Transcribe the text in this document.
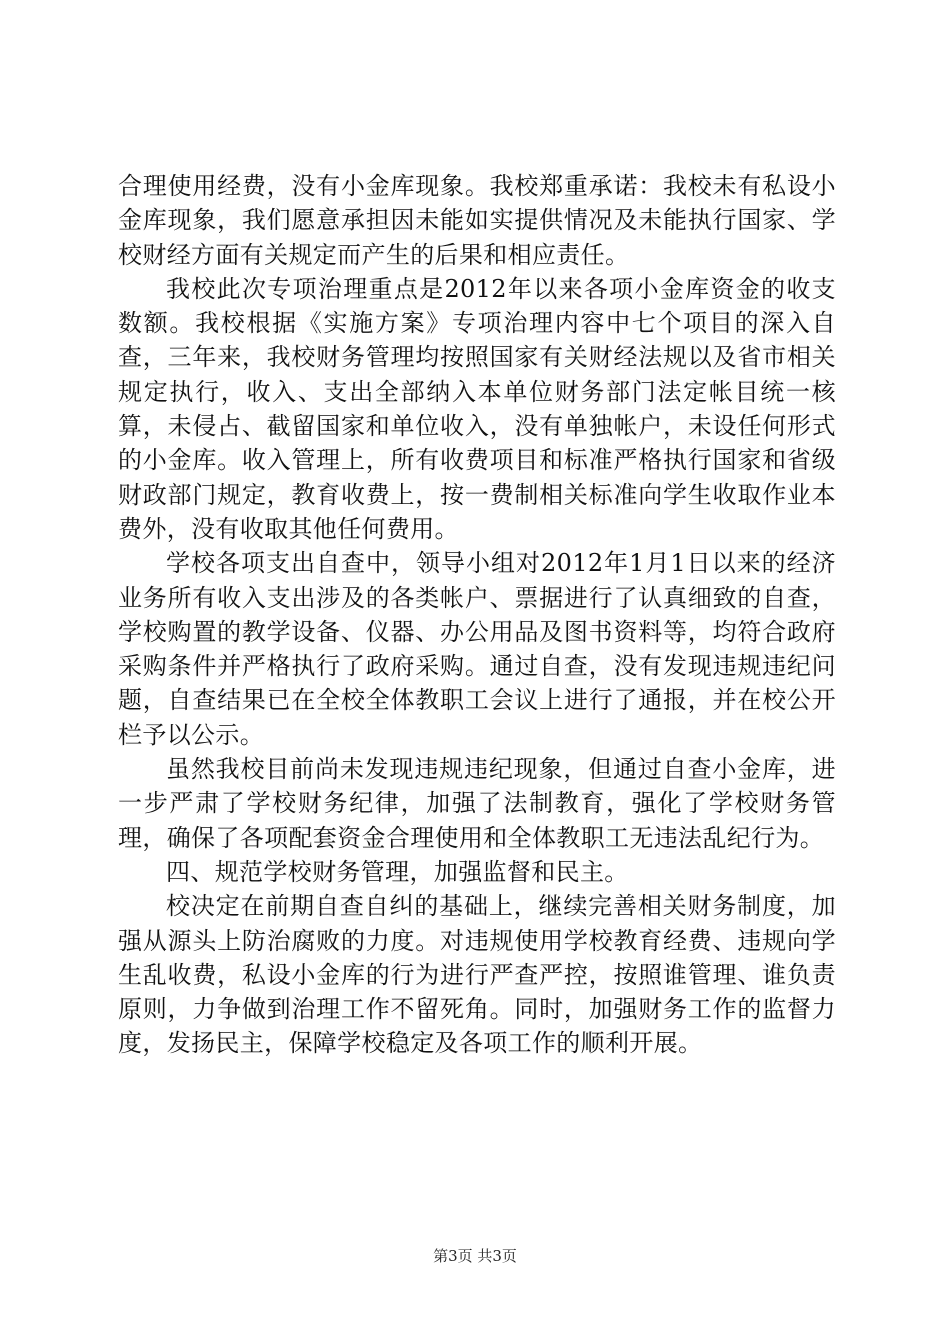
合理使用经费，没有小金库现象。我校郑重承诺：我校未有私设小金库现象，我们愿意承担因未能如实提供情况及未能执行国家、学校财经方面有关规定而产生的后果和相应责任。

我校此次专项治理重点是2012年以来各项小金库资金的收支数额。我校根据《实施方案》专项治理内容中七个项目的深入自查，三年来，我校财务管理均按照国家有关财经法规以及省市相关规定执行，收入、支出全部纳入本单位财务部门法定帐目统一核算，未侵占、截留国家和单位收入，没有单独帐户，未设任何形式的小金库。收入管理上，所有收费项目和标准严格执行国家和省级财政部门规定，教育收费上，按一费制相关标准向学生收取作业本费外，没有收取其他任何费用。

学校各项支出自查中，领导小组对2012年1月1日以来的经济业务所有收入支出涉及的各类帐户、票据进行了认真细致的自查，学校购置的教学设备、仪器、办公用品及图书资料等，均符合政府采购条件并严格执行了政府采购。通过自查，没有发现违规违纪问题，自查结果已在全校全体教职工会议上进行了通报，并在校公开栏予以公示。

虽然我校目前尚未发现违规违纪现象，但通过自查小金库，进一步严肃了学校财务纪律，加强了法制教育，强化了学校财务管理，确保了各项配套资金合理使用和全体教职工无违法乱纪行为。

四、规范学校财务管理，加强监督和民主。

校决定在前期自查自纠的基础上，继续完善相关财务制度，加强从源头上防治腐败的力度。对违规使用学校教育经费、违规向学生乱收费，私设小金库的行为进行严查严控，按照谁管理、谁负责原则，力争做到治理工作不留死角。同时，加强财务工作的监督力度，发扬民主，保障学校稳定及各项工作的顺利开展。

第3页 共3页
